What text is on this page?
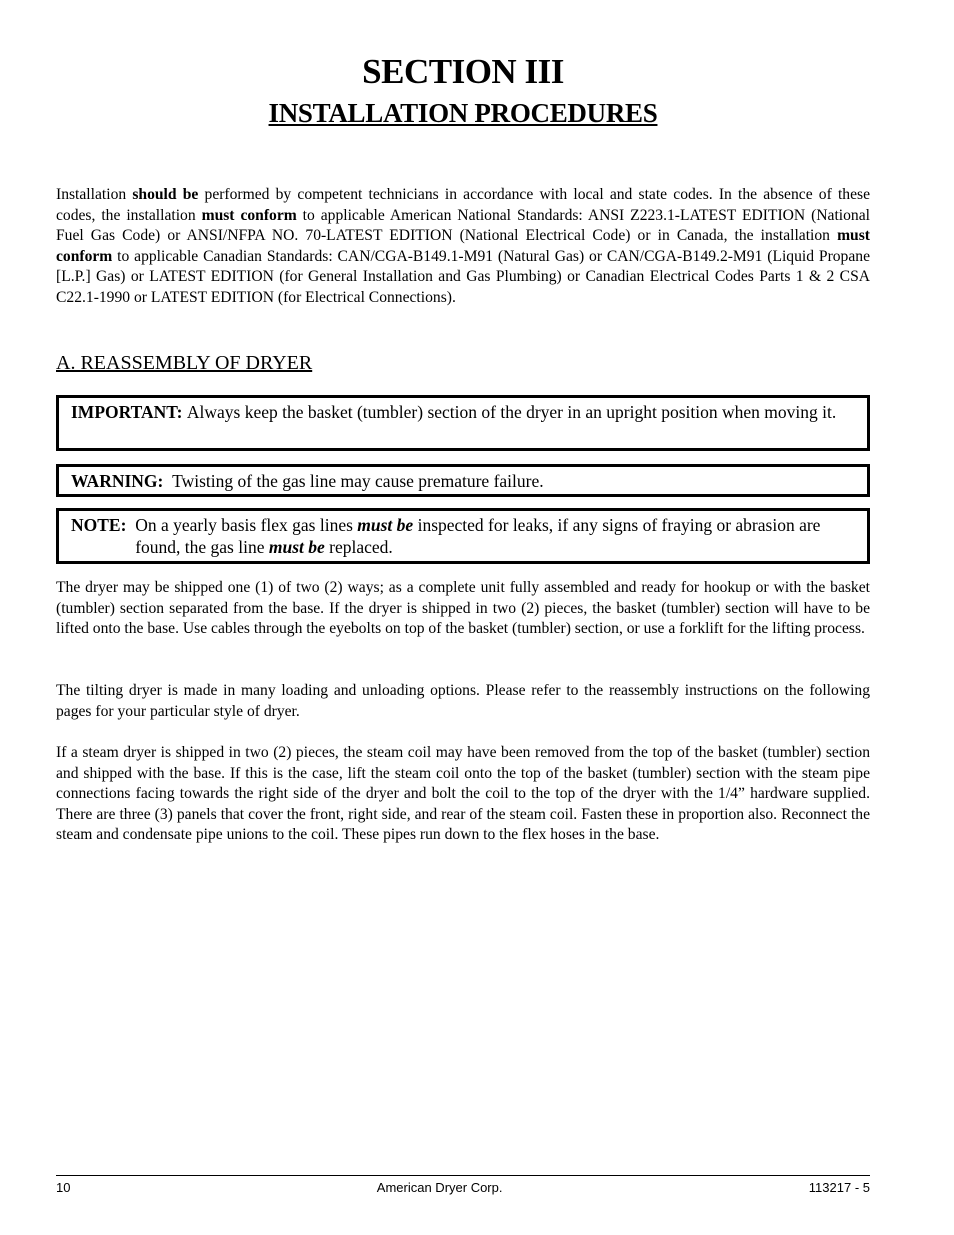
SECTION III
INSTALLATION PROCEDURES

Installation should be performed by competent technicians in accordance with local and state codes. In the absence of these codes, the installation must conform to applicable American National Standards: ANSI Z223.1-LATEST EDITION (National Fuel Gas Code) or ANSI/NFPA NO. 70-LATEST EDITION (National Electrical Code) or in Canada, the installation must conform to applicable Canadian Standards: CAN/CGA-B149.1-M91 (Natural Gas) or CAN/CGA-B149.2-M91 (Liquid Propane [L.P.] Gas) or LATEST EDITION (for General Installation and Gas Plumbing) or Canadian Electrical Codes Parts 1 & 2 CSA C22.1-1990 or LATEST EDITION (for Electrical Connections).

A. REASSEMBLY OF DRYER
IMPORTANT:
Always keep the basket (tumbler) section of the dryer in an upright position when moving it.
WARNING:
Twisting of the gas line may cause premature failure.
NOTE:
On a yearly basis flex gas lines must be inspected for leaks, if any signs of fraying or abrasion are found, the gas line must be replaced.

The dryer may be shipped one (1) of two (2) ways; as a complete unit fully assembled and ready for hookup or with the basket (tumbler) section separated from the base. If the dryer is shipped in two (2) pieces, the basket (tumbler) section will have to be lifted onto the base. Use cables through the eyebolts on top of the basket (tumbler) section, or use a forklift for the lifting process.

The tilting dryer is made in many loading and unloading options. Please refer to the reassembly instructions on the following pages for your particular style of dryer.

If a steam dryer is shipped in two (2) pieces, the steam coil may have been removed from the top of the basket (tumbler) section and shipped with the base. If this is the case, lift the steam coil onto the top of the basket (tumbler) section with the steam pipe connections facing towards the right side of the dryer and bolt the coil to the top of the dryer with the 1/4” hardware supplied. There are three (3) panels that cover the front, right side, and rear of the steam coil. Fasten these in proportion also. Reconnect the steam and condensate pipe unions to the coil. These pipes run down to the flex hoses in the base.

10	American Dryer Corp.	113217 - 5
